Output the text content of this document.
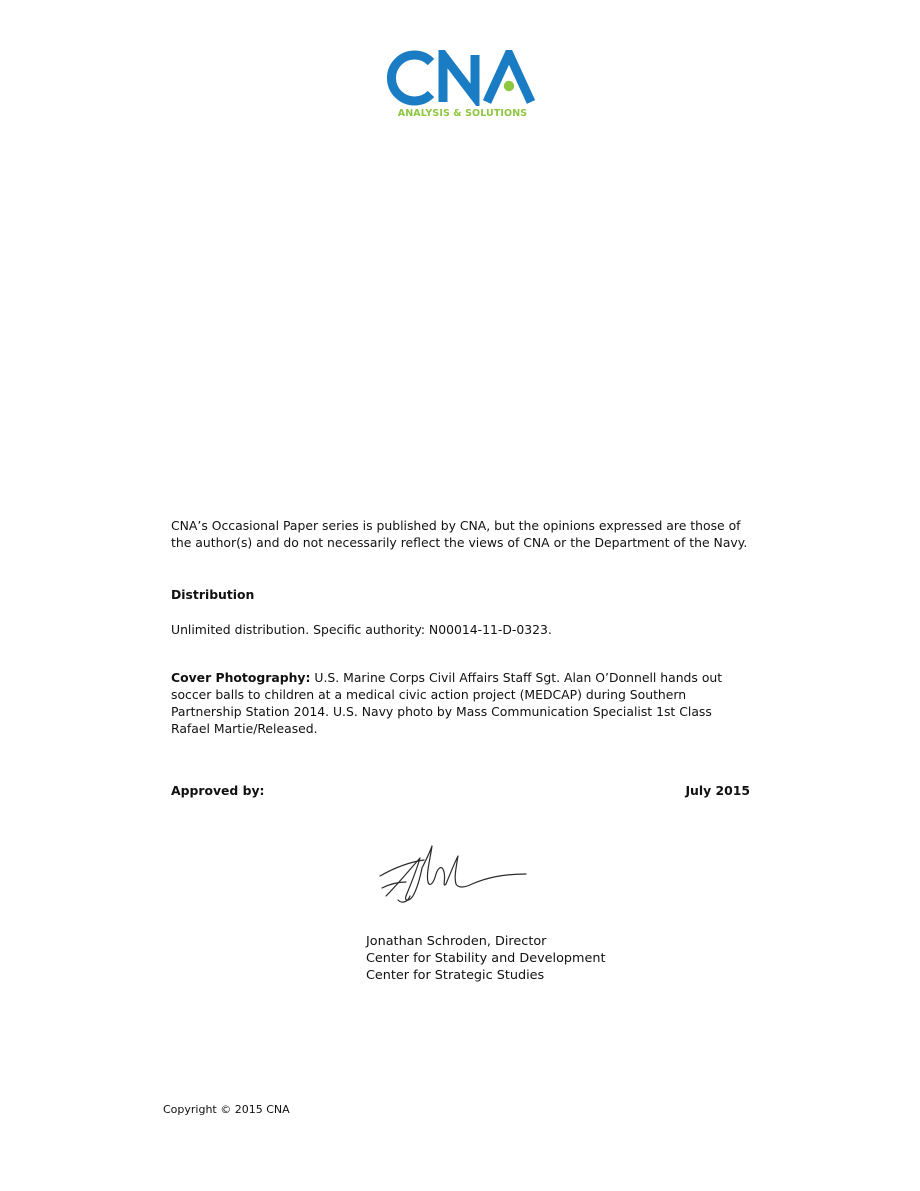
ANALYSIS & SOLUTIONS
CNA’s Occasional Paper series is published by CNA, but the opinions expressed are those of the author(s) and do not necessarily reflect the views of CNA or the Department of the Navy.
Distribution
Unlimited distribution. Specific authority: N00014-11-D-0323.
Cover Photography: U.S. Marine Corps Civil Affairs Staff Sgt. Alan O’Donnell hands out soccer balls to children at a medical civic action project (MEDCAP) during Southern Partnership Station 2014. U.S. Navy photo by Mass Communication Specialist 1st Class Rafael Martie/Released.
Approved by:	July 2015
Jonathan Schroden, Director
Center for Stability and Development
Center for Strategic Studies
Copyright © 2015 CNA
